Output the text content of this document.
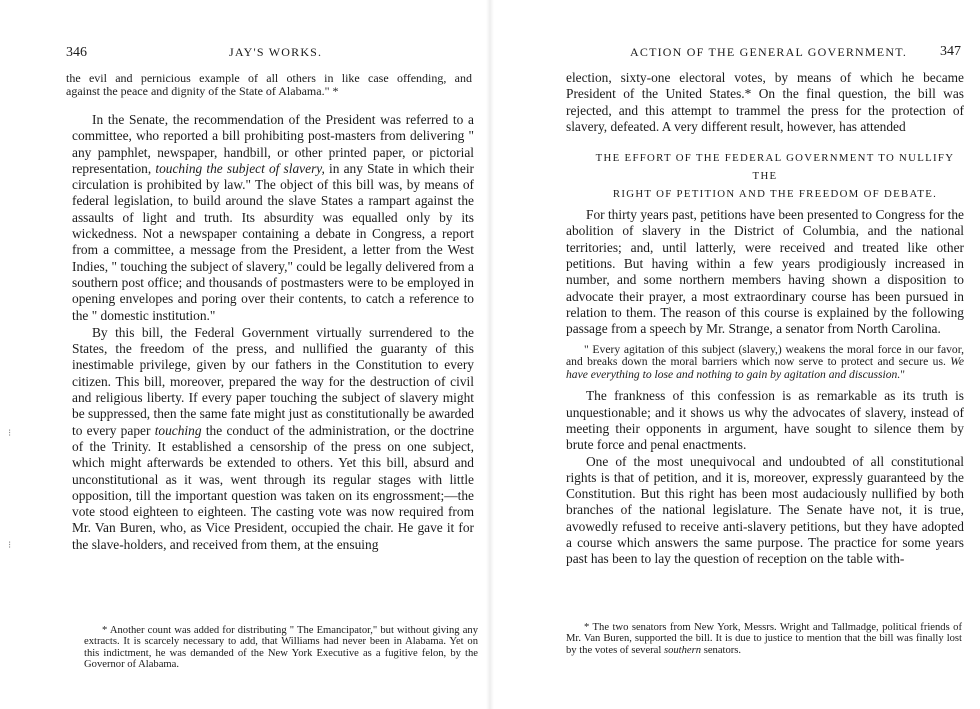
346	JAY'S WORKS.
the evil and pernicious example of all others in like case offending, and
against the peace and dignity of the State of Alabama." *

In the Senate, the recommendation of the President was referred to a committee, who reported a bill prohibiting post-masters from delivering " any pamphlet, newspaper, handbill, or other printed paper, or pictorial representation, touching the subject of slavery, in any State in which their circulation is prohibited by law." The object of this bill was, by means of federal legislation, to build around the slave States a rampart against the assaults of light and truth. Its absurdity was equalled only by its wickedness. Not a newspaper containing a debate in Congress, a report from a committee, a message from the President, a letter from the West Indies, " touching the subject of slavery," could be legally delivered from a southern post office; and thousands of postmasters were to be employed in opening envelopes and poring over their contents, to catch a reference to the " domestic institution."

By this bill, the Federal Government virtually surrendered to the States, the freedom of the press, and nullified the guaranty of this inestimable privilege, given by our fathers in the Constitution to every citizen. This bill, moreover, prepared the way for the destruction of civil and religious liberty. If every paper touching the subject of slavery might be suppressed, then the same fate might just as constitutionally be awarded to every paper touching the conduct of the administration, or the doctrine of the Trinity. It established a censorship of the press on one subject, which might afterwards be extended to others. Yet this bill, absurd and unconstitutional as it was, went through its regular stages with little opposition, till the important question was taken on its engrossment;—the vote stood eighteen to eighteen. The casting vote was now required from Mr. Van Buren, who, as Vice President, occupied the chair. He gave it for the slave-holders, and received from them, at the ensuing

* Another count was added for distributing " The Emancipator," but without giving any extracts. It is scarcely necessary to add, that Williams had never been in Alabama. Yet on this indictment, he was demanded of the New York Executive as a fugitive felon, by the Governor of Alabama.

⁝
⁝
ACTION OF THE GENERAL GOVERNMENT. 347

election, sixty-one electoral votes, by means of which he became President of the United States.* On the final question, the bill was rejected, and this attempt to trammel the press for the protection of slavery, defeated. A very different result, however, has attended

THE EFFORT OF THE FEDERAL GOVERNMENT TO NULLIFY THE

RIGHT OF PETITION AND THE FREEDOM OF DEBATE.

For thirty years past, petitions have been presented to Congress for the abolition of slavery in the District of Columbia, and the national territories; and, until latterly, were received and treated like other petitions. But having within a few years prodigiously increased in number, and some northern members having shown a disposition to advocate their prayer, a most extraordinary course has been pursued in relation to them. The reason of this course is explained by the following passage from a speech by Mr. Strange, a senator from North Carolina.

" Every agitation of this subject (slavery,) weakens the moral force in our favor, and breaks down the moral barriers which now serve to protect and secure us. We have everything to lose and nothing to gain by agitation and discussion."

The frankness of this confession is as remarkable as its truth is unquestionable; and it shows us why the advocates of slavery, instead of meeting their opponents in argument, have sought to silence them by brute force and penal enactments.

One of the most unequivocal and undoubted of all constitutional rights is that of petition, and it is, moreover, expressly guaranteed by the Constitution. But this right has been most audaciously nullified by both branches of the national legislature. The Senate have not, it is true, avowedly refused to receive anti-slavery petitions, but they have adopted a course which answers the same purpose. The practice for some years past has been to lay the question of reception on the table with-

* The two senators from New York, Messrs. Wright and Tallmadge, political friends of Mr. Van Buren, supported the bill. It is due to justice to mention that the bill was finally lost by the votes of several southern senators.
